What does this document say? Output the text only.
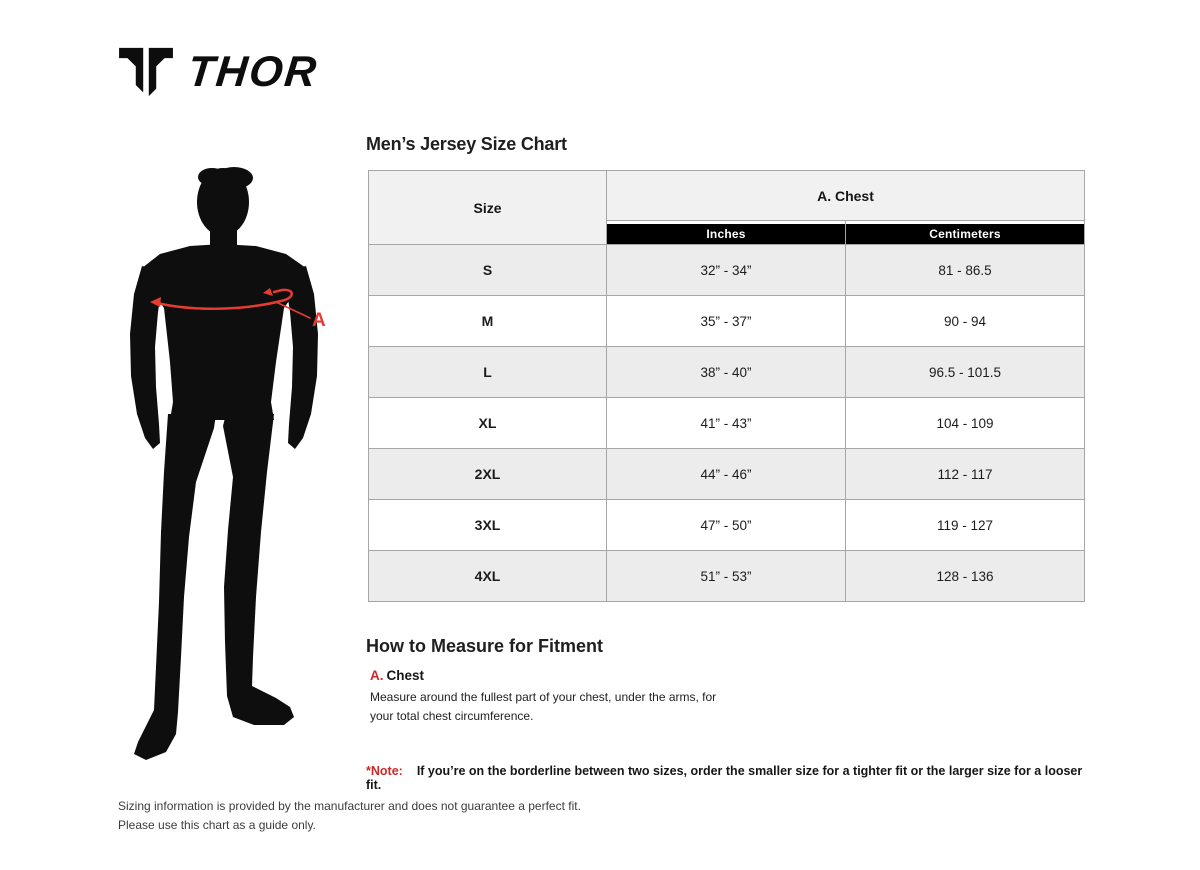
THOR
A
Men’s Jersey Size Chart
Size
A. Chest
Inches	Centimeters
S	32” - 34”	81 - 86.5
M	35” - 37”	90 - 94
L	38” - 40”	96.5 - 101.5
XL	41” - 43”	104 - 109
2XL	44” - 46”	112 - 117
3XL	47” - 50”	119 - 127
4XL	51” - 53”	128 - 136
How to Measure for Fitment
A. Chest
Measure around the fullest part of your chest, under the arms, for your total chest circumference.
*Note: If you’re on the borderline between two sizes, order the smaller size for a tighter fit or the larger size for a looser fit.
Sizing information is provided by the manufacturer and does not guarantee a perfect fit.
Please use this chart as a guide only.
